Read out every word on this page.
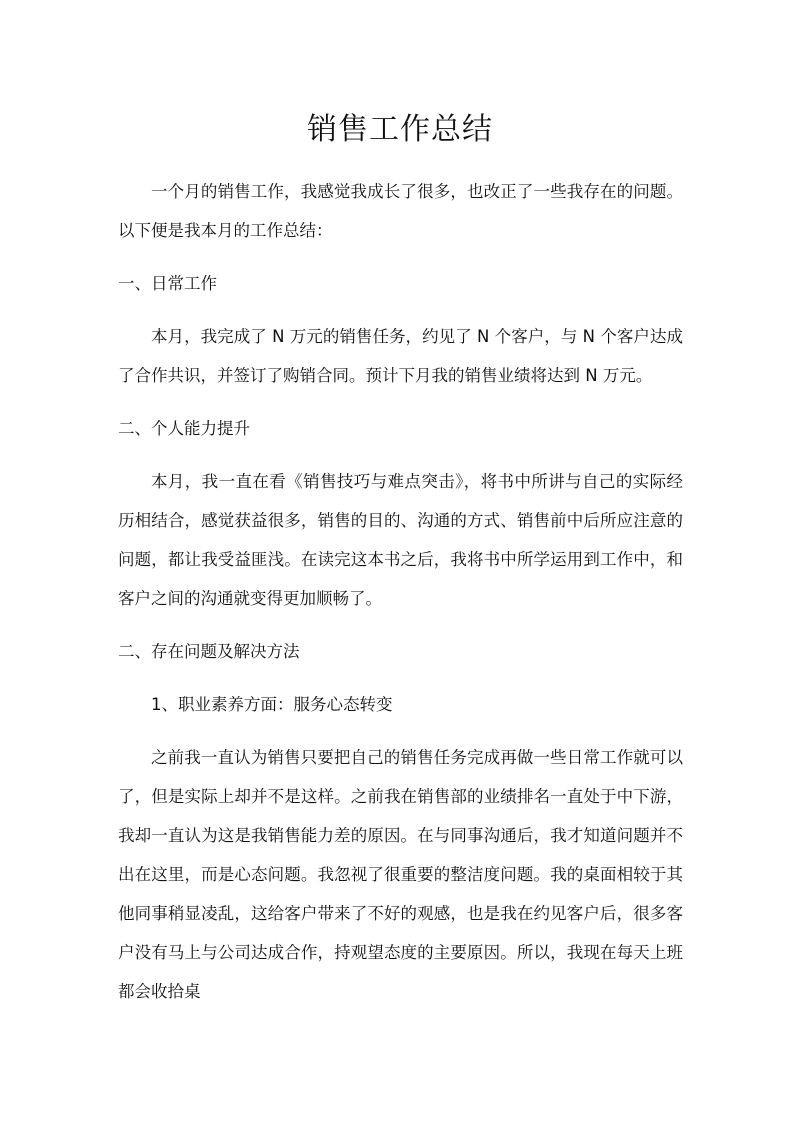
销售工作总结

一个月的销售工作，我感觉我成长了很多，也改正了一些我存在的问题。以下便是我本月的工作总结：

一、日常工作

本月，我完成了 N 万元的销售任务，约见了 N 个客户，与 N 个客户达成了合作共识，并签订了购销合同。预计下月我的销售业绩将达到 N 万元。

二、个人能力提升

本月，我一直在看《销售技巧与难点突击》，将书中所讲与自己的实际经历相结合，感觉获益很多，销售的目的、沟通的方式、销售前中后所应注意的问题，都让我受益匪浅。在读完这本书之后，我将书中所学运用到工作中，和客户之间的沟通就变得更加顺畅了。

二、存在问题及解决方法

1、职业素养方面：服务心态转变

之前我一直认为销售只要把自己的销售任务完成再做一些日常工作就可以了，但是实际上却并不是这样。之前我在销售部的业绩排名一直处于中下游，我却一直认为这是我销售能力差的原因。在与同事沟通后，我才知道问题并不出在这里，而是心态问题。我忽视了很重要的整洁度问题。我的桌面相较于其他同事稍显凌乱，这给客户带来了不好的观感，也是我在约见客户后，很多客户没有马上与公司达成合作，持观望态度的主要原因。所以，我现在每天上班都会收拾桌
